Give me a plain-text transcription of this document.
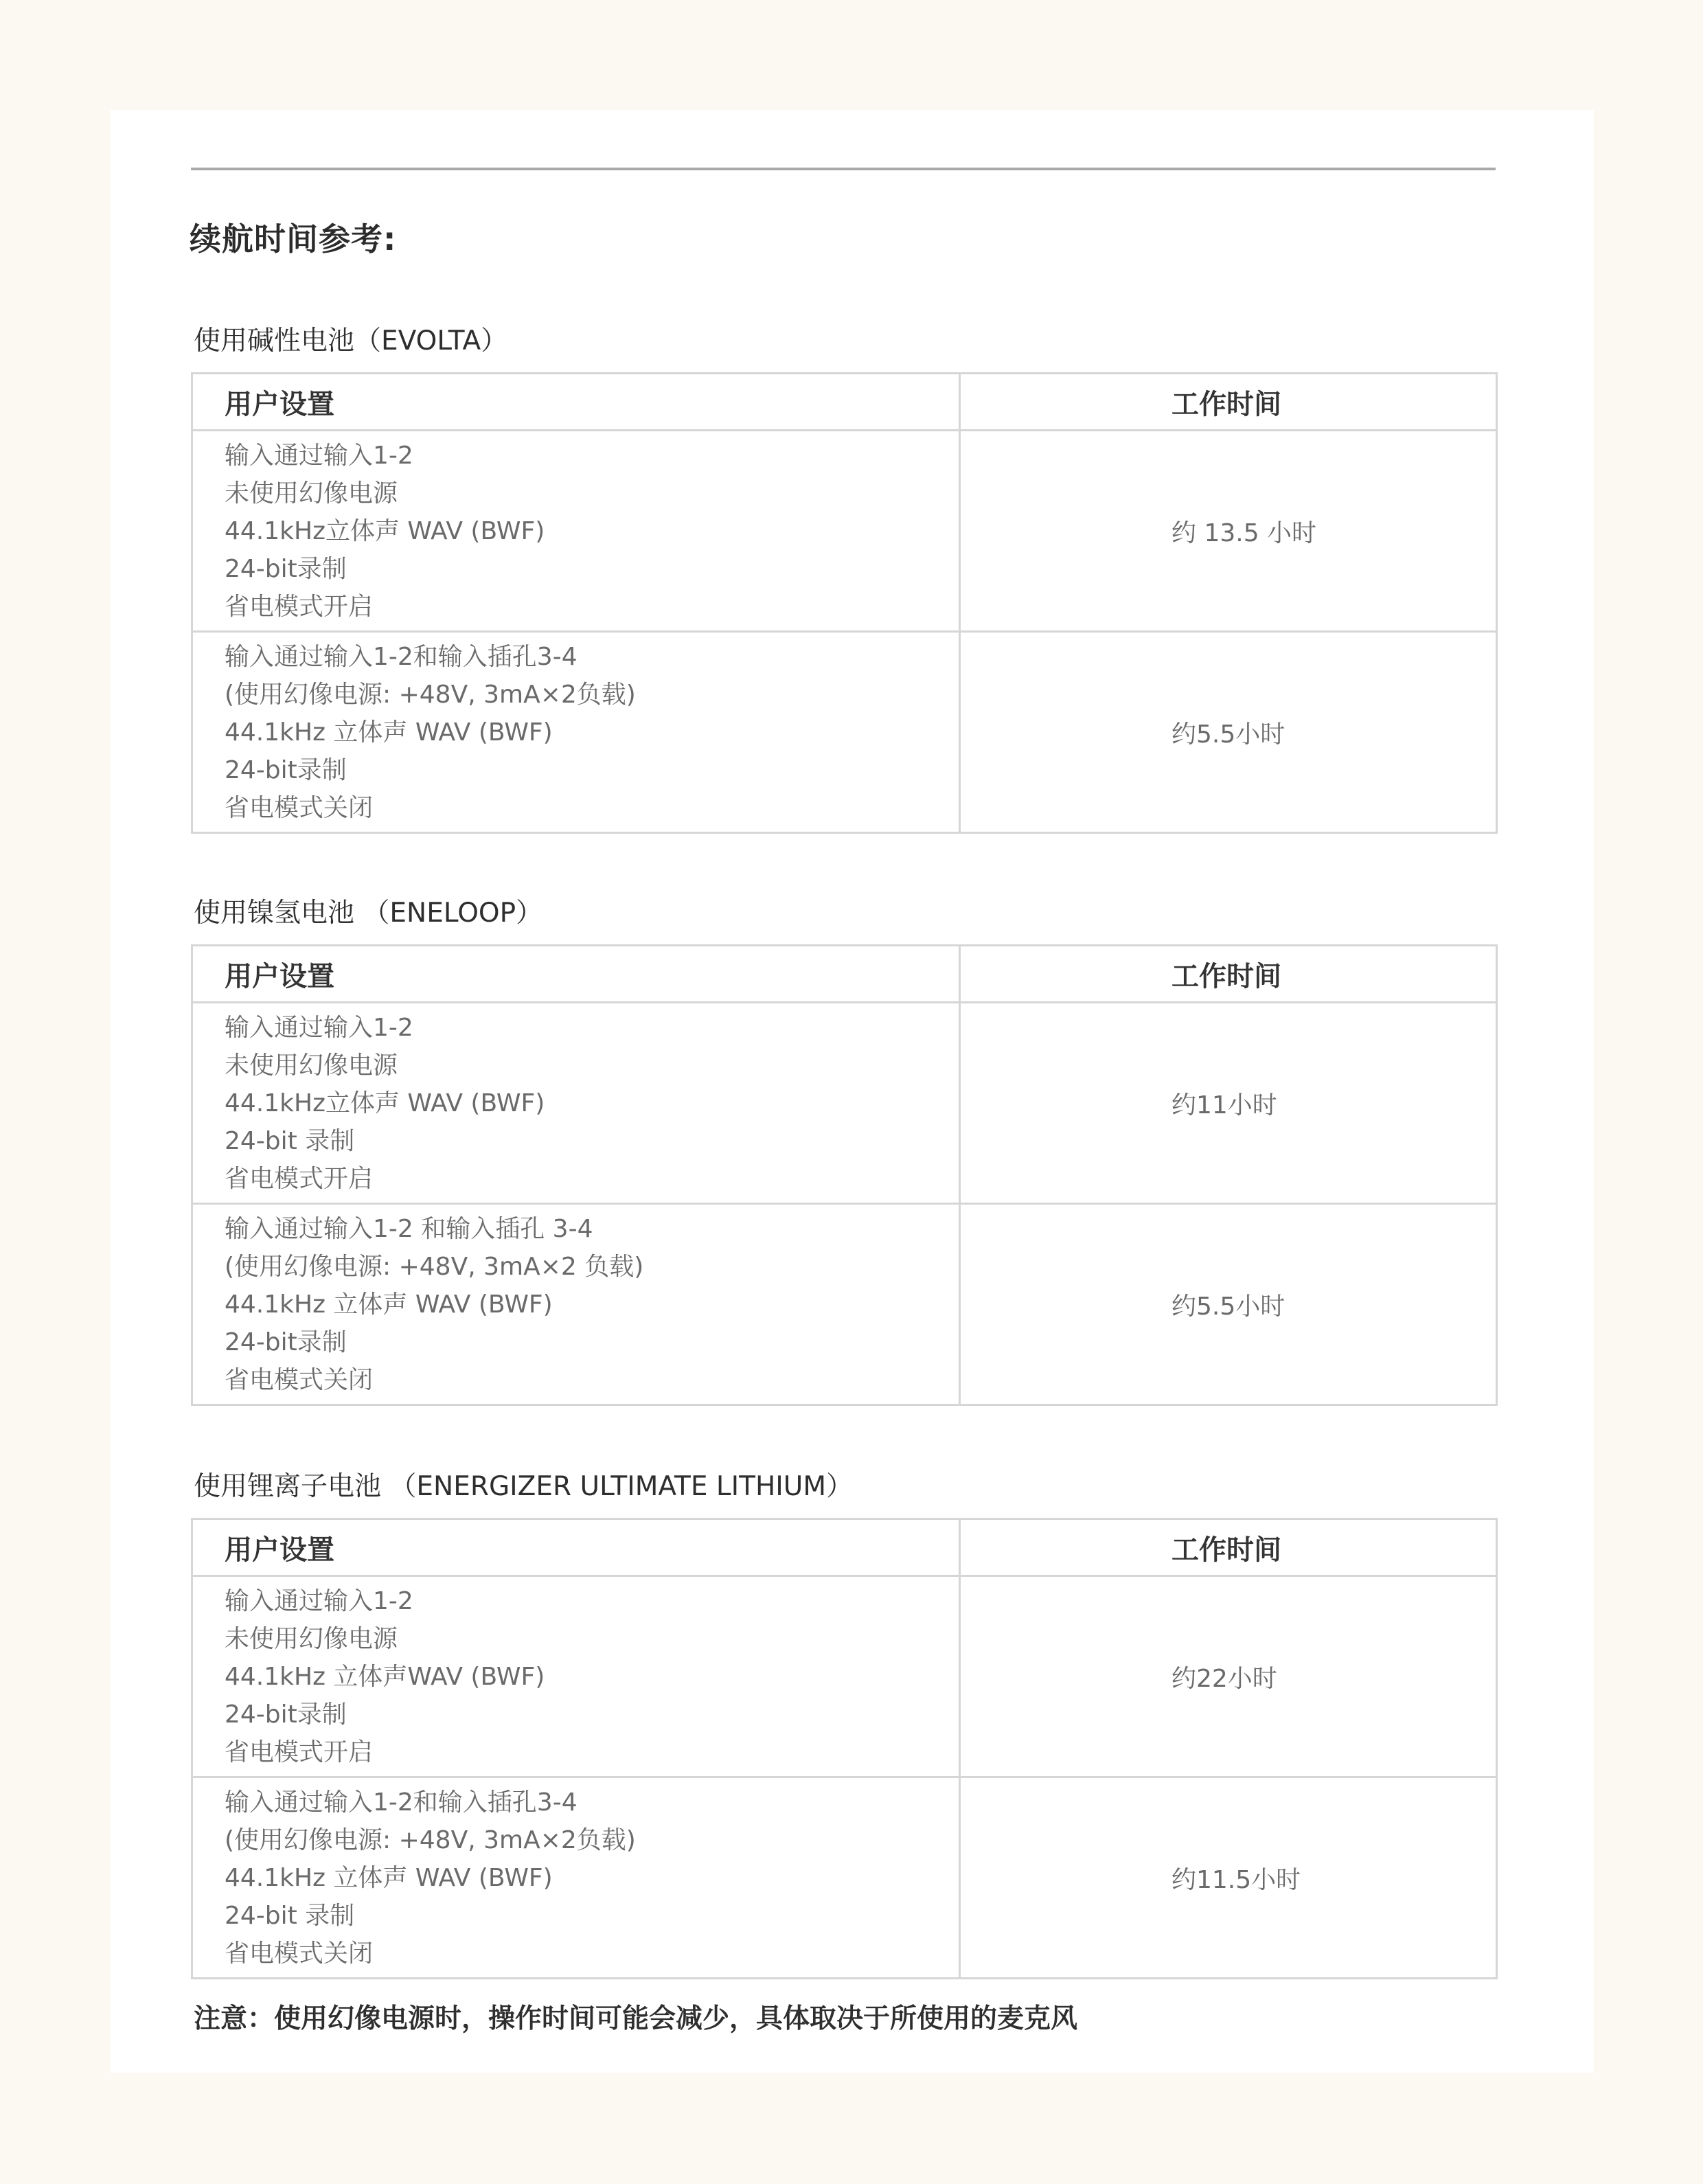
续航时间参考:
使用碱性电池（EVOLTA）
用户设置	工作时间

输入通过输入1-2
未使用幻像电源
44.1kHz立体声 WAV (BWF)
24-bit录制
省电模式开启	约 13.5 小时

输入通过输入1-2和输入插孔3-4
(使用幻像电源: +48V, 3mA×2负载)
44.1kHz 立体声 WAV (BWF)
24-bit录制
省电模式关闭	约5.5小时
使用镍氢电池 （ENELOOP）
用户设置	工作时间

输入通过输入1-2
未使用幻像电源
44.1kHz立体声 WAV (BWF)
24-bit 录制
省电模式开启	约11小时

输入通过输入1-2 和输入插孔 3-4
(使用幻像电源: +48V, 3mA×2 负载)
44.1kHz 立体声 WAV (BWF)
24-bit录制
省电模式关闭	约5.5小时
使用锂离子电池 （ENERGIZER ULTIMATE LITHIUM）
用户设置	工作时间

输入通过输入1-2
未使用幻像电源
44.1kHz 立体声WAV (BWF)
24-bit录制
省电模式开启	约22小时

输入通过输入1-2和输入插孔3-4
(使用幻像电源: +48V, 3mA×2负载)
44.1kHz 立体声 WAV (BWF)
24-bit 录制
省电模式关闭	约11.5小时
注意：使用幻像电源时，操作时间可能会减少，具体取决于所使用的麦克风
